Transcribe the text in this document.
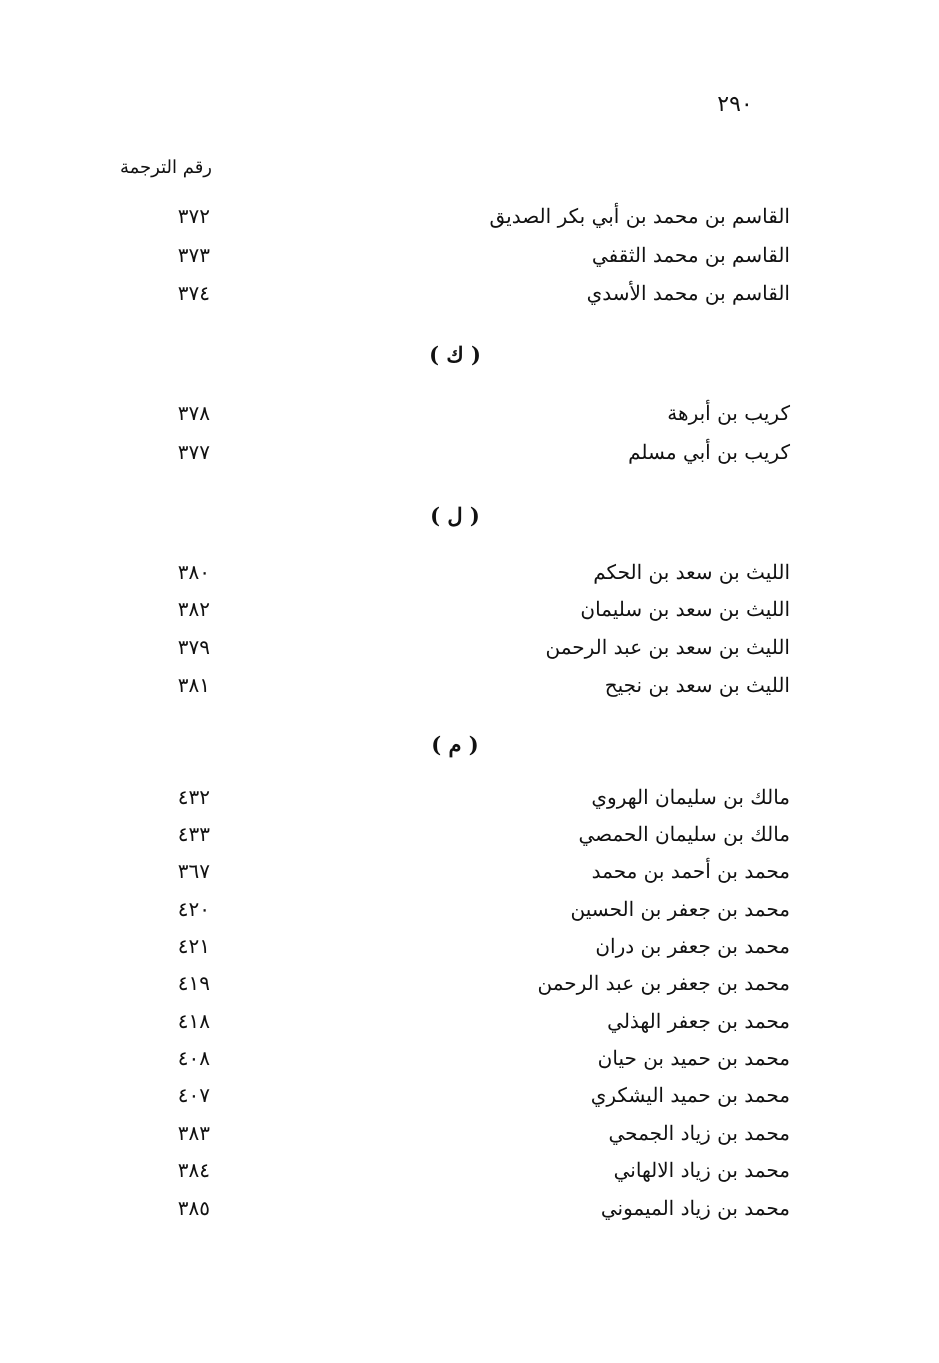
٢٩٠
رقم الترجمة
القاسم بن محمد بن أبي بكر الصديق
٣٧٢
القاسم بن محمد الثقفي
٣٧٣
القاسم بن محمد الأسدي
٣٧٤
( ك )
كريب بن أبرهة
٣٧٨
كريب بن أبي مسلم
٣٧٧
( ل )
الليث بن سعد بن الحكم
٣٨٠
الليث بن سعد بن سليمان
٣٨٢
الليث بن سعد بن عبد الرحمن
٣٧٩
الليث بن سعد بن نجيح
٣٨١
( م )
مالك بن سليمان الهروي
٤٣٢
مالك بن سليمان الحمصي
٤٣٣
محمد بن أحمد بن محمد
٣٦٧
محمد بن جعفر بن الحسين
٤٢٠
محمد بن جعفر بن دران
٤٢١
محمد بن جعفر بن عبد الرحمن
٤١٩
محمد بن جعفر الهذلي
٤١٨
محمد بن حميد بن حيان
٤٠٨
محمد بن حميد اليشكري
٤٠٧
محمد بن زياد الجمحي
٣٨٣
محمد بن زياد الالهاني
٣٨٤
محمد بن زياد الميموني
٣٨٥
